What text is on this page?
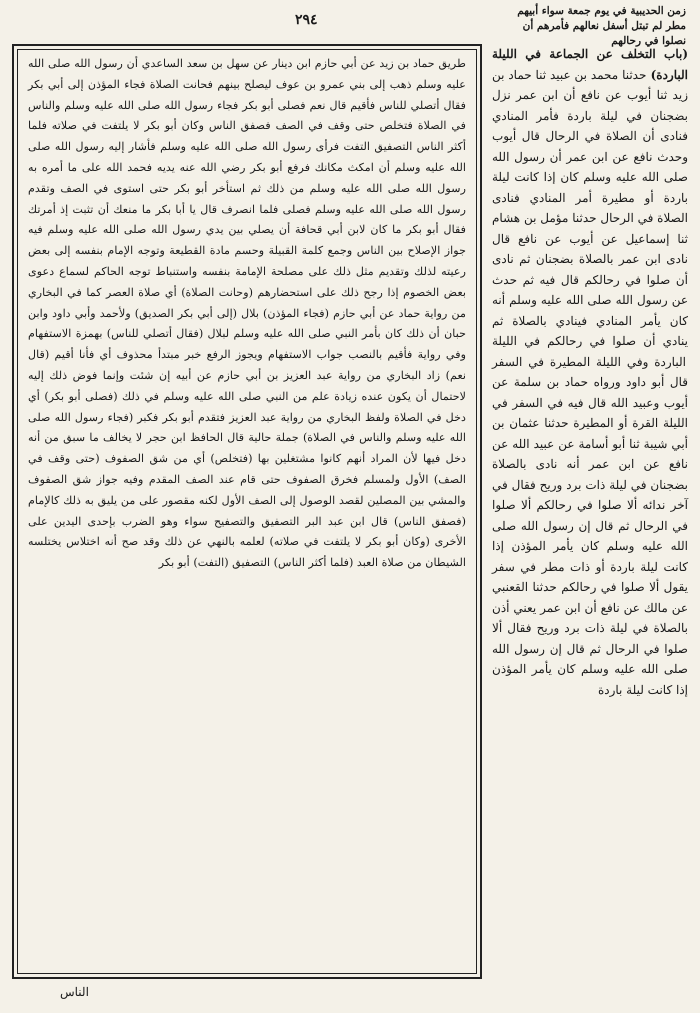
٢٩٤
زمن الحديبية في يوم جمعة سواء أبيهم مطر لم تبتل أسفل نعالهم فأمرهم أن نصلوا في رحالهم
طريق حماد بن زيد عن أبي حازم ابن دينار عن سهل بن سعد الساعدي أن رسول الله صلى الله عليه وسلم ذهب إلى بني عمرو بن عوف ليصلح بينهم فحانت الصلاة فجاء المؤذن إلى أبي بكر فقال أتصلي للناس فأقيم قال نعم فصلى أبو بكر فجاء رسول الله صلى الله عليه وسلم والناس في الصلاة فتخلص حتى وقف في الصف فصفق الناس وكان أبو بكر لا يلتفت في صلاته فلما أكثر الناس التصفيق التفت فرأى رسول الله صلى الله عليه وسلم فأشار إليه رسول الله صلى الله عليه وسلم أن امكث مكانك فرفع أبو بكر رضي الله عنه يديه فحمد الله على ما أمره به رسول الله صلى الله عليه وسلم من ذلك ثم استأخر أبو بكر حتى استوى في الصف وتقدم رسول الله صلى الله عليه وسلم فصلى فلما انصرف قال يا أبا بكر ما منعك أن تثبت إذ أمرتك فقال أبو بكر ما كان لابن أبي قحافة أن يصلي بين يدي رسول الله صلى الله عليه وسلم فيه جواز الإصلاح بين الناس وجمع كلمة القبيلة وحسم مادة القطيعة وتوجه الإمام بنفسه إلى بعض رعيته لذلك وتقديم مثل ذلك على مصلحة الإمامة بنفسه واستنباط توجه الحاكم لسماع دعوى بعض الخصوم إذا رجح ذلك على استحضارهم (وحانت الصلاة) أي صلاة العصر كما في البخاري من رواية حماد عن أبي حازم (فجاء المؤذن) بلال (إلى أبي بكر الصديق) ولأحمد وأبي داود وابن حبان أن ذلك كان بأمر النبي صلى الله عليه وسلم لبلال (فقال أتصلي للناس) بهمزة الاستفهام وفي رواية فأقيم بالنصب جواب الاستفهام ويجوز الرفع خبر مبتدأ محذوف أي فأنا أقيم (قال نعم) زاد البخاري من رواية عبد العزيز بن أبي حازم عن أبيه إن شئت وإنما فوض ذلك إليه لاحتمال أن يكون عنده زيادة علم من النبي صلى الله عليه وسلم في ذلك (فصلى أبو بكر) أي دخل في الصلاة ولفظ البخاري من رواية عبد العزيز فتقدم أبو بكر فكبر (فجاء رسول الله صلى الله عليه وسلم والناس في الصلاة) جملة حالية قال الحافظ ابن حجر لا يخالف ما سبق من أنه دخل فيها لأن المراد أنهم كانوا مشتغلين بها (فتخلص) أي من شق الصفوف (حتى وقف في الصف) الأول ولمسلم فخرق الصفوف حتى قام عند الصف المقدم وفيه جواز شق الصفوف والمشي بين المصلين لقصد الوصول إلى الصف الأول لكنه مقصور على من يليق به ذلك كالإمام (فصفق الناس) قال ابن عبد البر التصفيق والتصفيح سواء وهو الضرب بإحدى اليدين على الأخرى (وكان أبو بكر لا يلتفت في صلاته) لعلمه بالنهي عن ذلك وقد صح أنه اختلاس يختلسه الشيطان من صلاة العبد (فلما أكثر الناس) التصفيق (التفت) أبو بكر
(باب التخلف عن الجماعة في الليلة الباردة) حدثنا محمد بن عبيد ثنا حماد بن زيد ثنا أيوب عن نافع أن ابن عمر نزل بضجنان في ليلة باردة فأمر المنادي فنادى أن الصلاة في الرحال قال أيوب وحدث نافع عن ابن عمر أن رسول الله صلى الله عليه وسلم كان إذا كانت ليلة باردة أو مطيرة أمر المنادي فنادى الصلاة في الرحال حدثنا مؤمل بن هشام ثنا إسماعيل عن أيوب عن نافع قال نادى ابن عمر بالصلاة بضجنان ثم نادى أن صلوا في رحالكم قال فيه ثم حدث عن رسول الله صلى الله عليه وسلم أنه كان يأمر المنادي فينادي بالصلاة ثم ينادي أن صلوا في رحالكم في الليلة الباردة وفي الليلة المطيرة في السفر قال أبو داود ورواه حماد بن سلمة عن أيوب وعبيد الله قال فيه في السفر في الليلة القرة أو المطيرة حدثنا عثمان بن أبي شيبة ثنا أبو أسامة عن عبيد الله عن نافع عن ابن عمر أنه نادى بالصلاة بضجنان في ليلة ذات برد وريح فقال في آخر ندائه ألا صلوا في رحالكم ألا صلوا في الرحال ثم قال إن رسول الله صلى الله عليه وسلم كان يأمر المؤذن إذا كانت ليلة باردة أو ذات مطر في سفر يقول ألا صلوا في رحالكم حدثنا القعنبي عن مالك عن نافع أن ابن عمر يعني أذن بالصلاة في ليلة ذات برد وريح فقال ألا صلوا في الرحال ثم قال إن رسول الله صلى الله عليه وسلم كان يأمر المؤذن إذا كانت ليلة باردة
الناس
